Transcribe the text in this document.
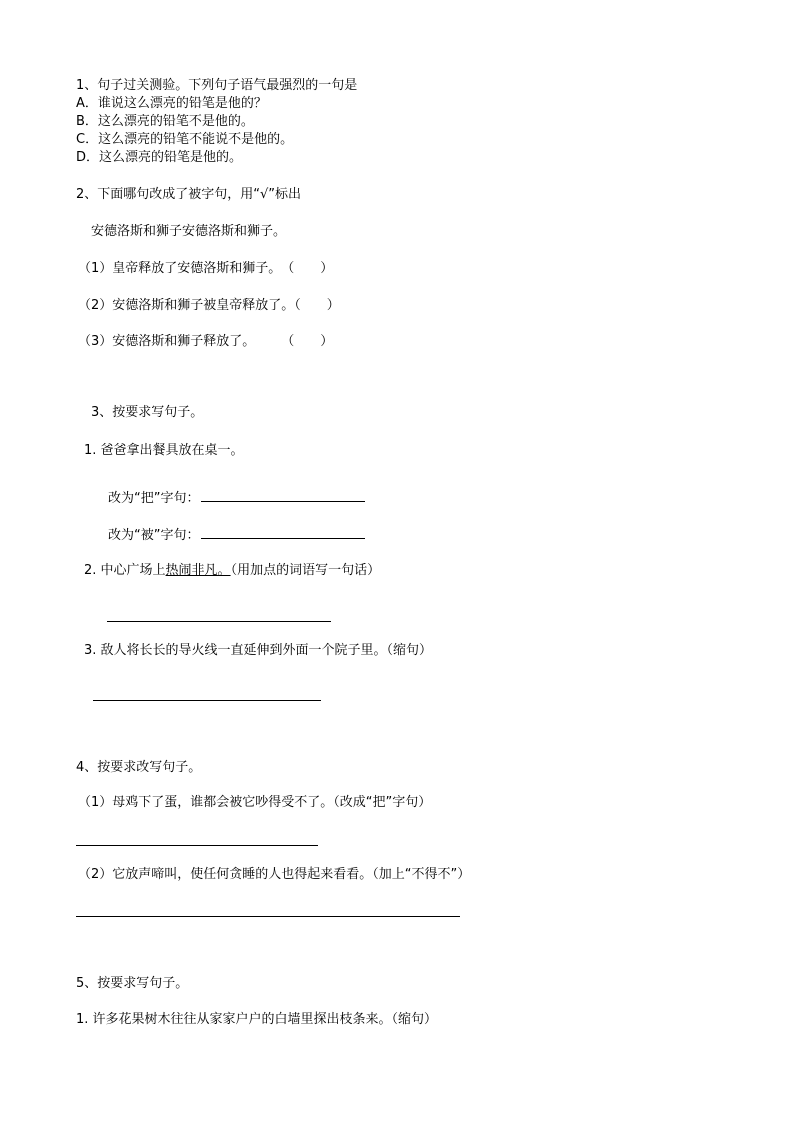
1、句子过关测验。下列句子语气最强烈的一句是
A．谁说这么漂亮的铅笔是他的？
B．这么漂亮的铅笔不是他的。
C．这么漂亮的铅笔不能说不是他的。
D．这么漂亮的铅笔是他的。
2、下面哪句改成了被字句，用“√”标出
安德洛斯和狮子安德洛斯和狮子。
（1）皇帝释放了安德洛斯和狮子。　（　　）
（2）安德洛斯和狮子被皇帝释放了。（　　）
（3）安德洛斯和狮子释放了。　　　（　　）
3、按要求写句子。
1. 爸爸拿出餐具放在桌一。
改为“把”字句：
改为“被”字句：
2. 中心广场上热闹非凡。（用加点的词语写一句话）
3. 敌人将长长的导火线一直延伸到外面一个院子里。（缩句）
4、按要求改写句子。
（1）母鸡下了蛋，谁都会被它吵得受不了。（改成“把”字句）
（2）它放声啼叫，使任何贪睡的人也得起来看看。（加上“不得不”）
5、按要求写句子。
1. 许多花果树木往往从家家户户的白墙里探出枝条来。（缩句）
